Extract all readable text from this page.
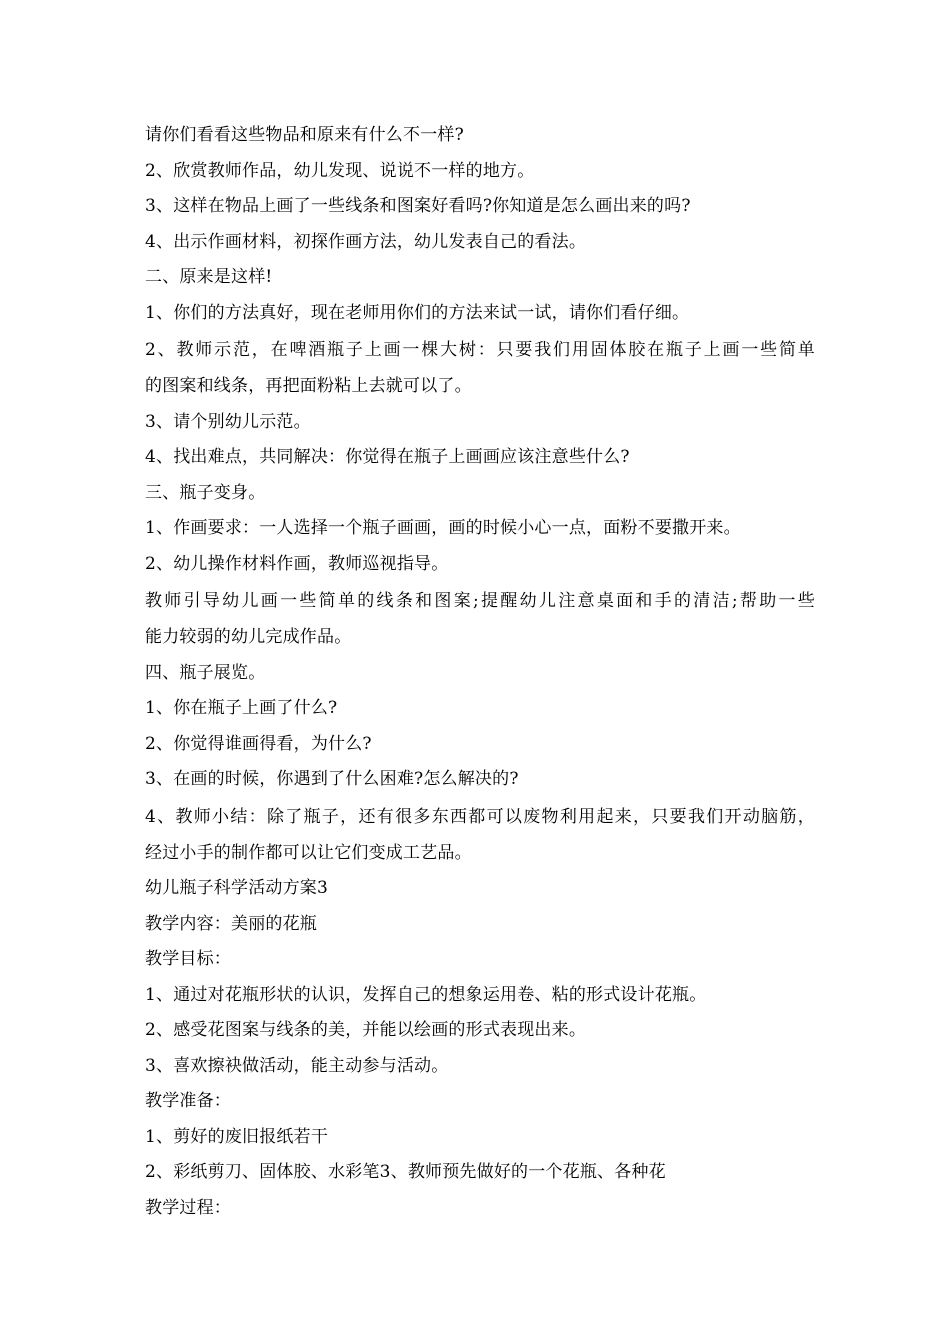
请你们看看这些物品和原来有什么不一样?
2、欣赏教师作品，幼儿发现、说说不一样的地方。
3、这样在物品上画了一些线条和图案好看吗?你知道是怎么画出来的吗?
4、出示作画材料，初探作画方法，幼儿发表自己的看法。
二、原来是这样!
1、你们的方法真好，现在老师用你们的方法来试一试，请你们看仔细。
2、教师示范，在啤酒瓶子上画一棵大树：只要我们用固体胶在瓶子上画一些简单
的图案和线条，再把面粉粘上去就可以了。
3、请个别幼儿示范。
4、找出难点，共同解决：你觉得在瓶子上画画应该注意些什么?
三、瓶子变身。
1、作画要求：一人选择一个瓶子画画，画的时候小心一点，面粉不要撒开来。
2、幼儿操作材料作画，教师巡视指导。
教师引导幼儿画一些简单的线条和图案;提醒幼儿注意桌面和手的清洁;帮助一些
能力较弱的幼儿完成作品。
四、瓶子展览。
1、你在瓶子上画了什么?
2、你觉得谁画得看，为什么?
3、在画的时候，你遇到了什么困难?怎么解决的?
4、教师小结：除了瓶子，还有很多东西都可以废物利用起来，只要我们开动脑筋，
经过小手的制作都可以让它们变成工艺品。
幼儿瓶子科学活动方案3
教学内容：美丽的花瓶
教学目标：
1、通过对花瓶形状的认识，发挥自己的想象运用卷、粘的形式设计花瓶。
2、感受花图案与线条的美，并能以绘画的形式表现出来。
3、喜欢擦袂做活动，能主动参与活动。
教学准备：
1、剪好的废旧报纸若干
2、彩纸剪刀、固体胶、水彩笔3、教师预先做好的一个花瓶、各种花
教学过程：
